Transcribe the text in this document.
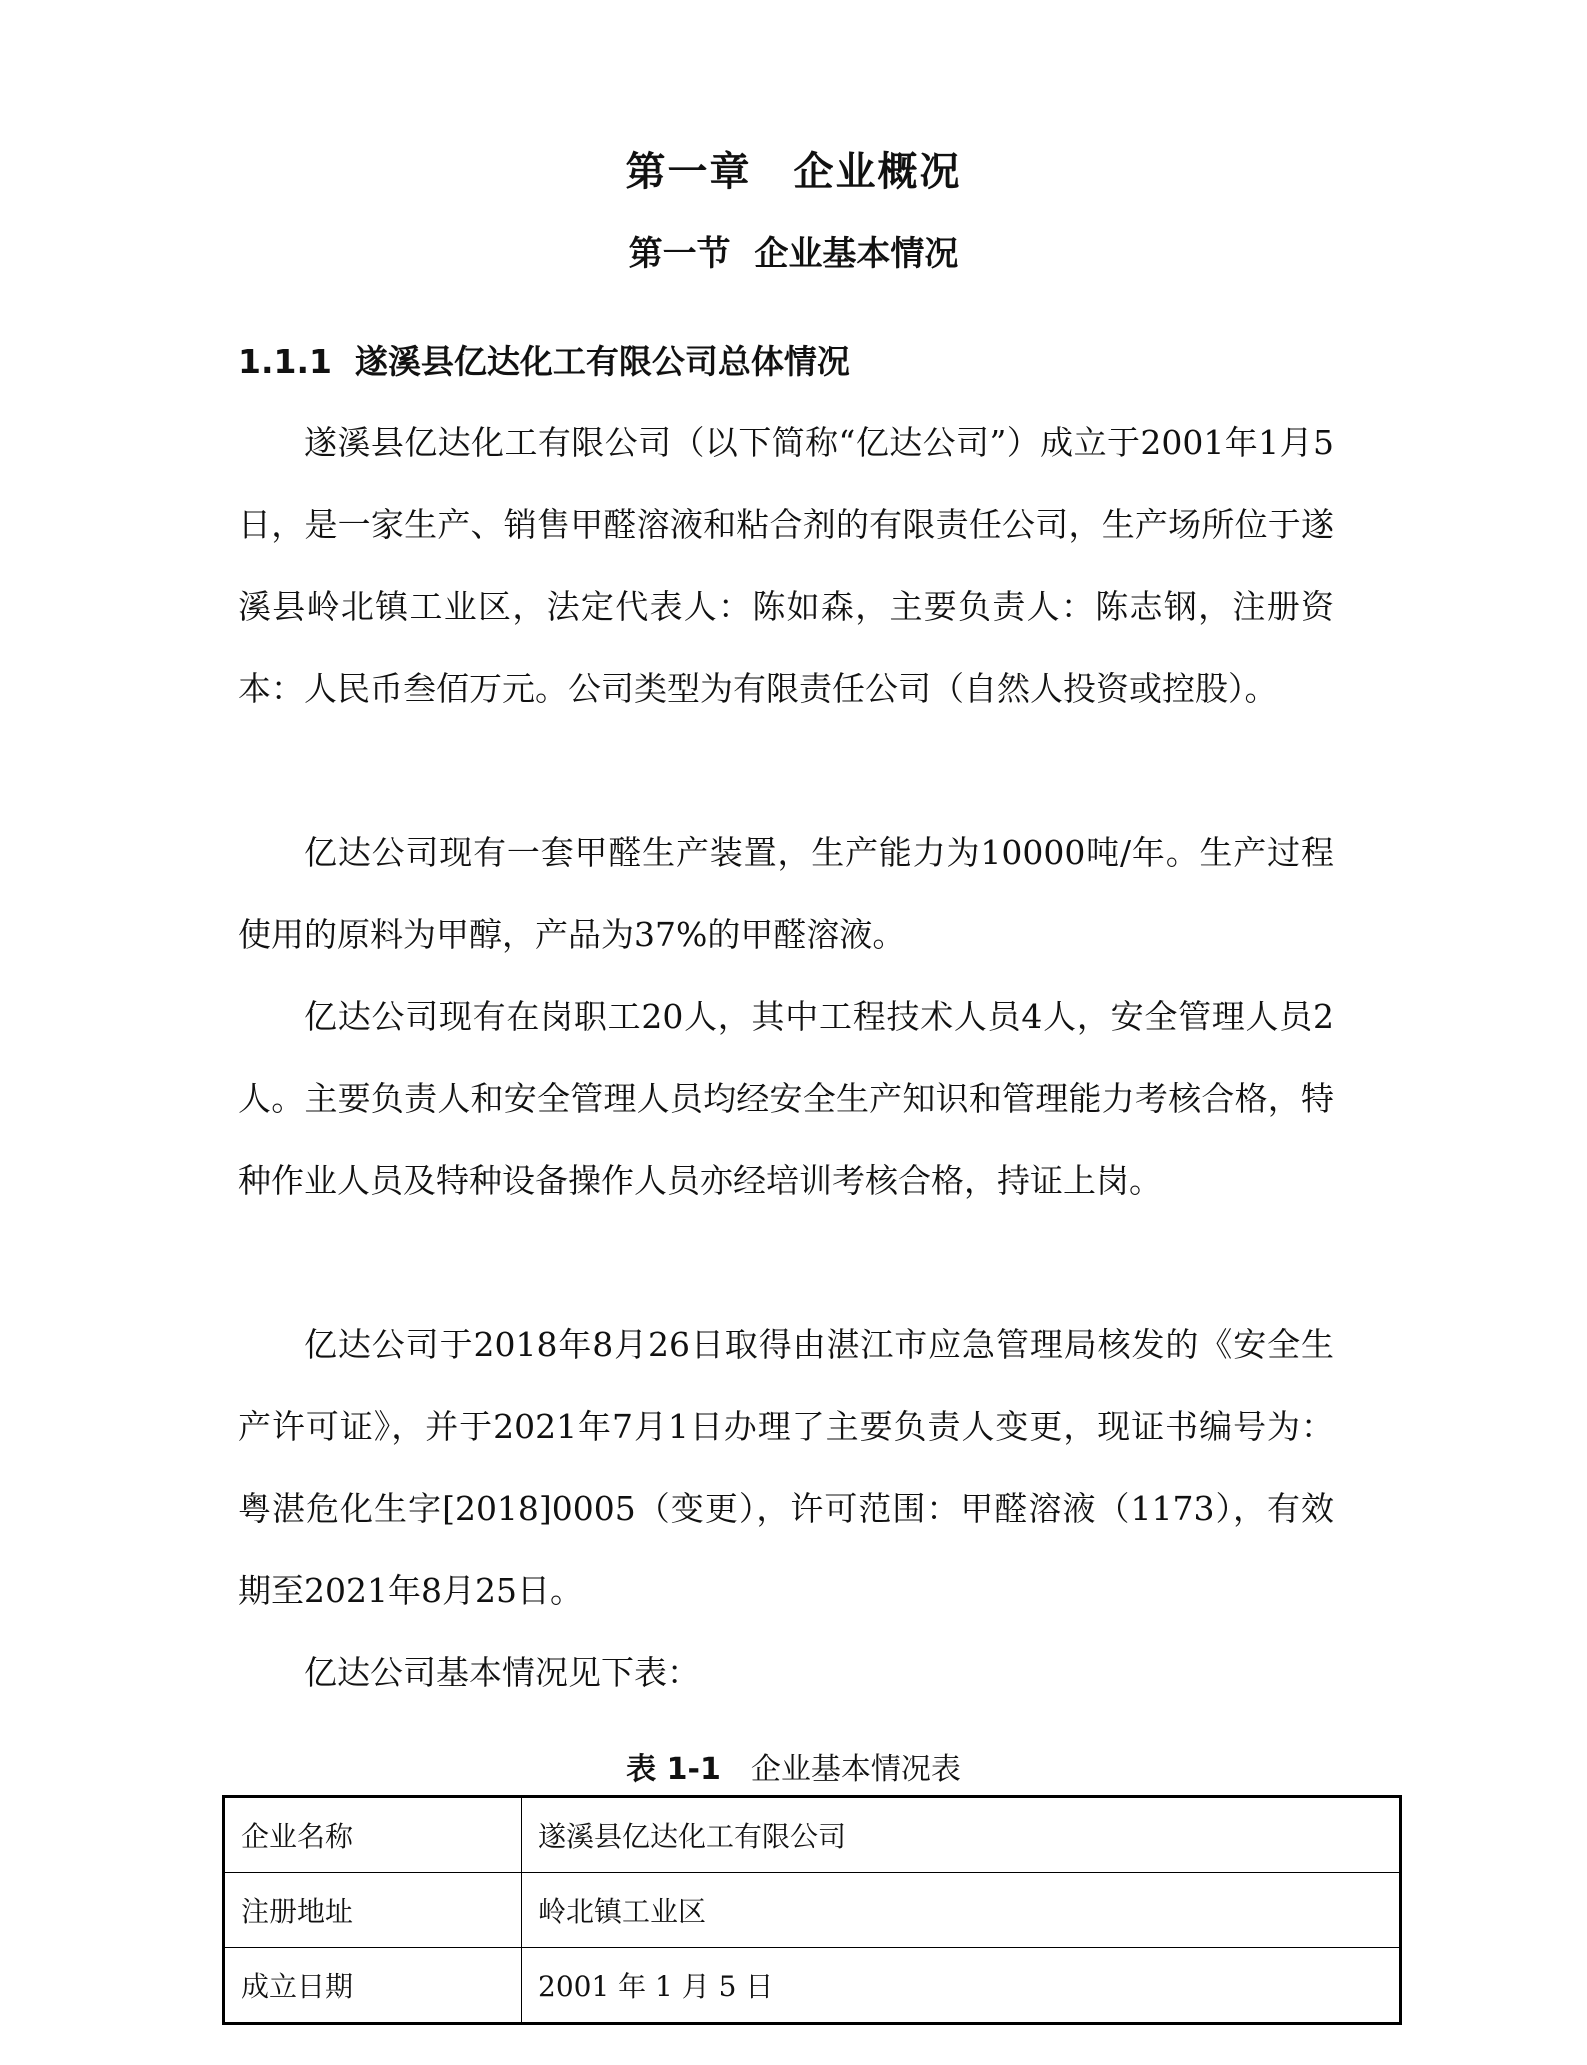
第一章　企业概况
第一节  企业基本情况
1.1.1  遂溪县亿达化工有限公司总体情况

遂溪县亿达化工有限公司（以下简称“亿达公司”）成立于2001年1月5日，是一家生产、销售甲醛溶液和粘合剂的有限责任公司，生产场所位于遂溪县岭北镇工业区，法定代表人：陈如森，主要负责人：陈志钢，注册资本：人民币叁佰万元。公司类型为有限责任公司（自然人投资或控股）。

亿达公司现有一套甲醛生产装置，生产能力为10000吨/年。生产过程使用的原料为甲醇，产品为37%的甲醛溶液。

亿达公司现有在岗职工20人，其中工程技术人员4人，安全管理人员2人。主要负责人和安全管理人员均经安全生产知识和管理能力考核合格，特种作业人员及特种设备操作人员亦经培训考核合格，持证上岗。

亿达公司于2018年8月26日取得由湛江市应急管理局核发的《安全生产许可证》，并于2021年7月1日办理了主要负责人变更，现证书编号为：粤湛危化生字[2018]0005（变更），许可范围：甲醛溶液（1173），有效期至2021年8月25日。

亿达公司基本情况见下表：

表 1-1　企业基本情况表
企业名称	遂溪县亿达化工有限公司
注册地址	岭北镇工业区
成立日期	2001 年 1 月 5 日
